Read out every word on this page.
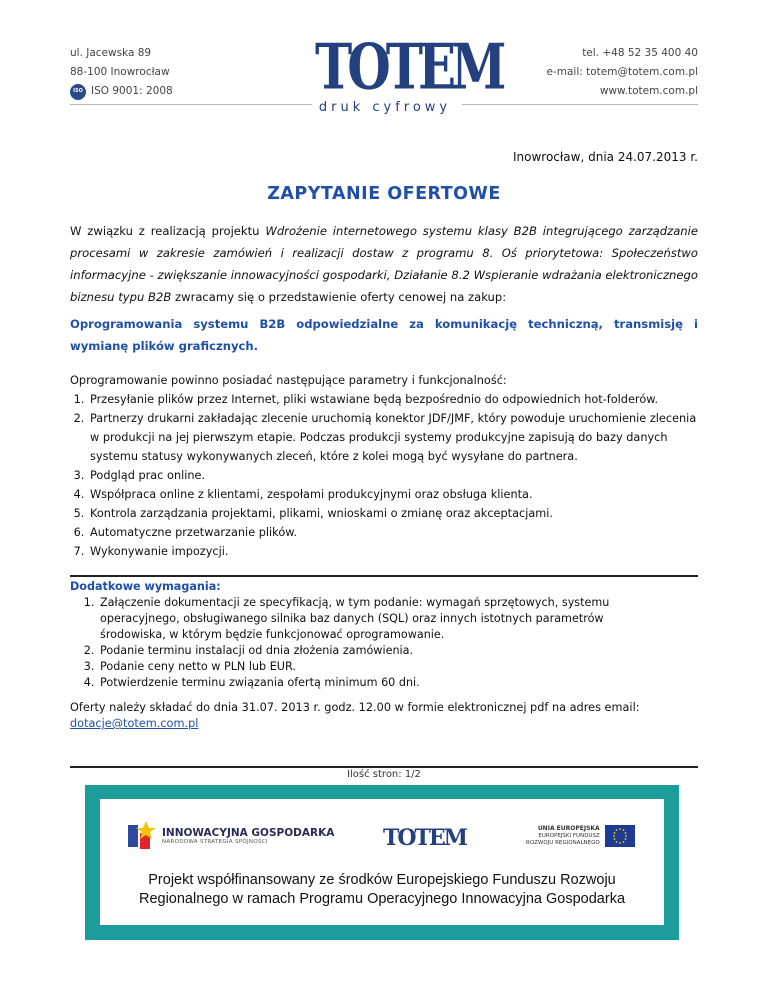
ul. Jacewska 89
88-100 Inowrocław
ISO ISO 9001: 2008	TOTEM
druk cyfrowy
tel. +48 52 35 400 40
e-mail: totem@totem.com.pl
www.totem.com.pl
Inowrocław, dnia 24.07.2013 r.
ZAPYTANIE OFERTOWE
W związku z realizacją projektu Wdrożenie internetowego systemu klasy B2B integrującego zarządzanie procesami w zakresie zamówień i realizacji dostaw z programu 8. Oś priorytetowa: Społeczeństwo informacyjne - zwiększanie innowacyjności gospodarki, Działanie 8.2 Wspieranie wdrażania elektronicznego biznesu typu B2B zwracamy się o przedstawienie oferty cenowej na zakup:
Oprogramowania systemu B2B odpowiedzialne za komunikację techniczną, transmisję i wymianę plików graficznych.
Oprogramowanie powinno posiadać następujące parametry i funkcjonalność:
1. Przesyłanie plików przez Internet, pliki wstawiane będą bezpośrednio do odpowiednich hot-folderów.
2. Partnerzy drukarni zakładając zlecenie uruchomią konektor JDF/JMF, który powoduje uruchomienie zlecenia w produkcji na jej pierwszym etapie. Podczas produkcji systemy produkcyjne zapisują do bazy danych systemu statusy wykonywanych zleceń, które z kolei mogą być wysyłane do partnera.
3. Podgląd prac online.
4. Współpraca online z klientami, zespołami produkcyjnymi oraz obsługa klienta.
5. Kontrola zarządzania projektami, plikami, wnioskami o zmianę oraz akceptacjami.
6. Automatyczne przetwarzanie plików.
7. Wykonywanie impozycji.
Dodatkowe wymagania:
1. Załączenie dokumentacji ze specyfikacją, w tym podanie: wymagań sprzętowych, systemu operacyjnego, obsługiwanego silnika baz danych (SQL) oraz innych istotnych parametrów środowiska, w którym będzie funkcjonować oprogramowanie.
2. Podanie terminu instalacji od dnia złożenia zamówienia.
3. Podanie ceny netto w PLN lub EUR.
4. Potwierdzenie terminu związania ofertą minimum 60 dni.
Oferty należy składać do dnia 31.07. 2013 r. godz. 12.00 w formie elektronicznej pdf na adres email:
dotacje@totem.com.pl
Ilość stron: 1/2
INNOWACYJNA GOSPODARKA
NARODOWA STRATEGIA SPÓJNOŚCI	TOTEM	UNIA EUROPEJSKA
EUROPEJSKI FUNDUSZ
ROZWOJU REGIONALNEGO
Projekt współfinansowany ze środków Europejskiego Funduszu Rozwoju
Regionalnego w ramach Programu Operacyjnego Innowacyjna Gospodarka
